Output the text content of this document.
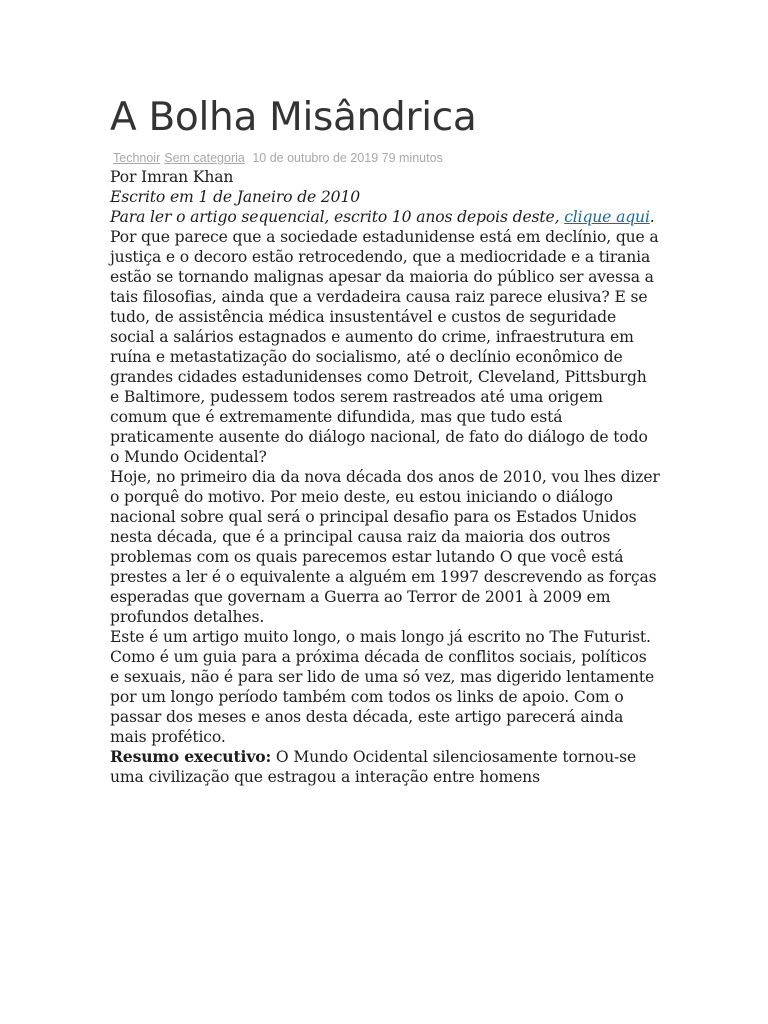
A Bolha Misândrica
Technoir Sem categoria 10 de outubro de 2019 79 minutos

Por Imran Khan

Escrito em 1 de Janeiro de 2010

Para ler o artigo sequencial, escrito 10 anos depois deste, clique aqui.

Por que parece que a sociedade estadunidense está em declínio, que a justiça e o decoro estão retrocedendo, que a mediocridade e a tirania estão se tornando malignas apesar da maioria do público ser avessa a tais filosofias, ainda que a verdadeira causa raiz parece elusiva? E se tudo, de assistência médica insustentável e custos de seguridade social a salários estagnados e aumento do crime, infraestrutura em ruína e metastatização do socialismo, até o declínio econômico de grandes cidades estadunidenses como Detroit, Cleveland, Pittsburgh e Baltimore, pudessem todos serem rastreados até uma origem comum que é extremamente difundida, mas que tudo está praticamente ausente do diálogo nacional, de fato do diálogo de todo o Mundo Ocidental?

Hoje, no primeiro dia da nova década dos anos de 2010, vou lhes dizer o porquê do motivo. Por meio deste, eu estou iniciando o diálogo nacional sobre qual será o principal desafio para os Estados Unidos nesta década, que é a principal causa raiz da maioria dos outros problemas com os quais parecemos estar lutando O que você está prestes a ler é o equivalente a alguém em 1997 descrevendo as forças esperadas que governam a Guerra ao Terror de 2001 à 2009 em profundos detalhes.

Este é um artigo muito longo, o mais longo já escrito no The Futurist. Como é um guia para a próxima década de conflitos sociais, políticos e sexuais, não é para ser lido de uma só vez, mas digerido lentamente por um longo período também com todos os links de apoio. Com o passar dos meses e anos desta década, este artigo parecerá ainda mais profético.

Resumo executivo: O Mundo Ocidental silenciosamente tornou-se uma civilização que estragou a interação entre homens
